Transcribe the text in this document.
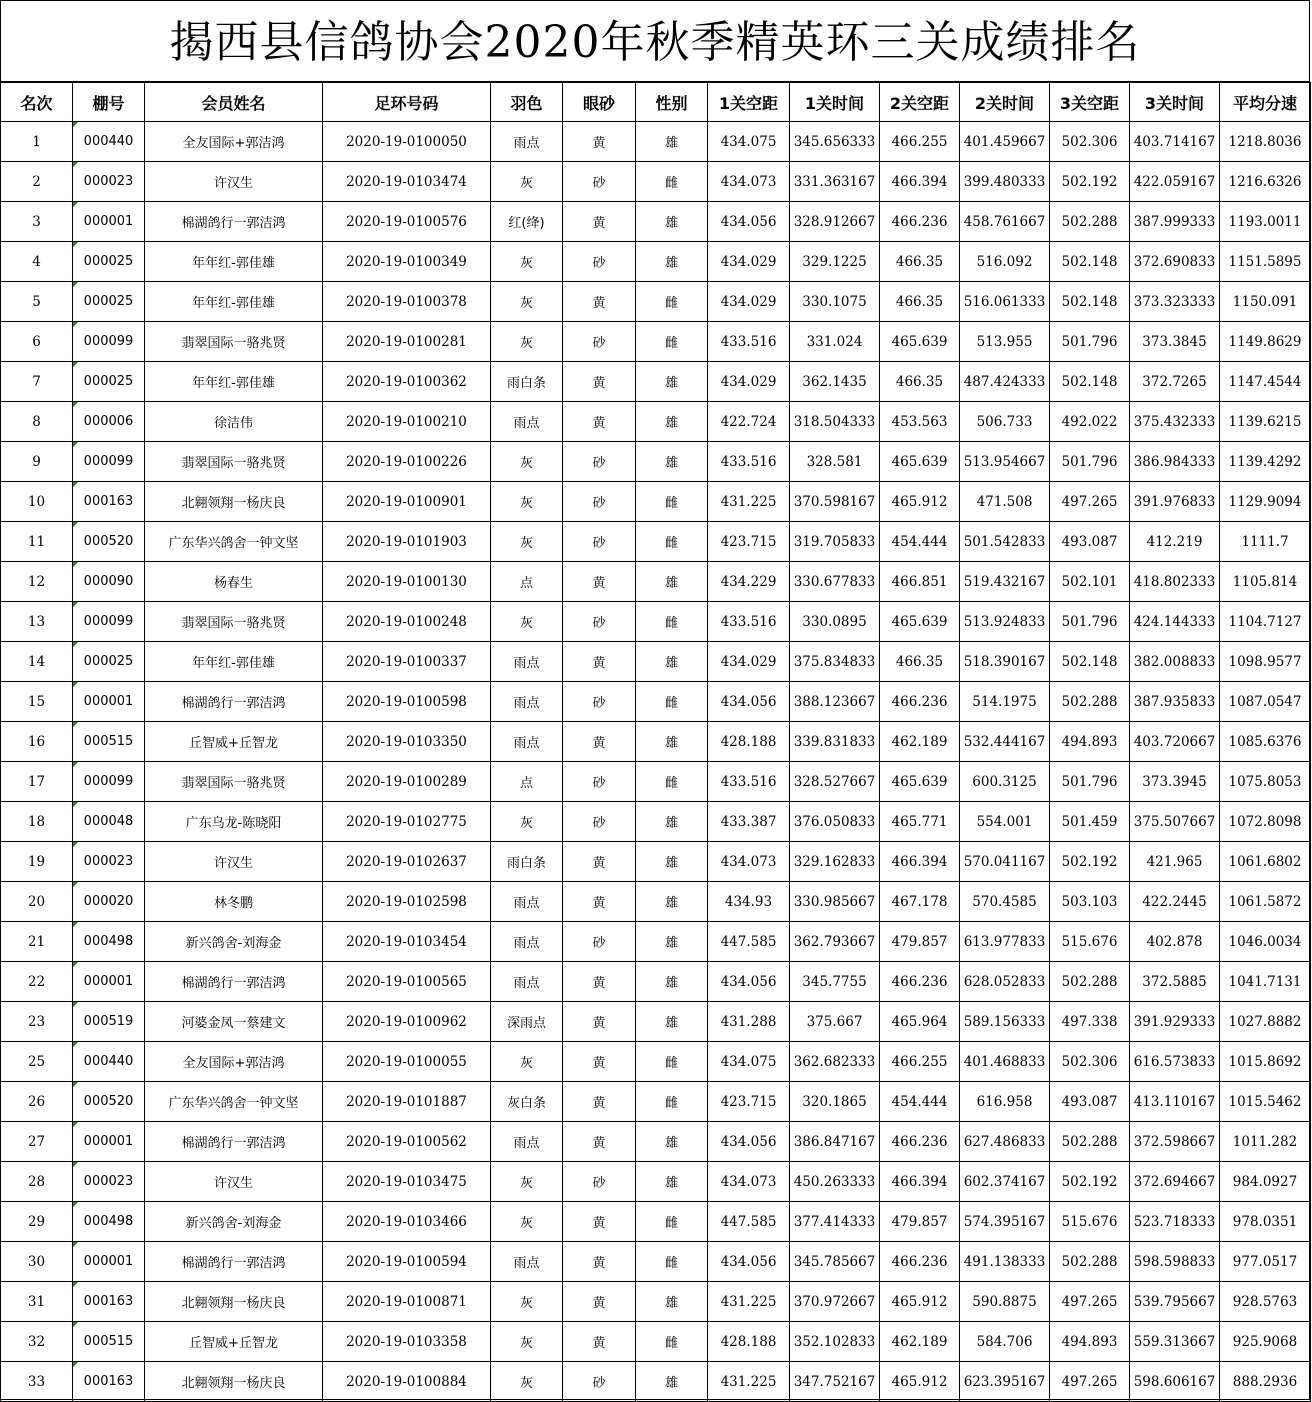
揭西县信鸽协会2020年秋季精英环三关成绩排名
名次	棚号	会员姓名	足环号码	羽色	眼砂	性别	1关空距	1关时间	2关空距	2关时间	3关空距	3关时间	平均分速
1	000440	全友国际+郭洁鸿	2020-19-0100050	雨点	黄	雄	434.075	345.656333	466.255	401.459667	502.306	403.714167	1218.8036
2	000023	许汉生	2020-19-0103474	灰	砂	雌	434.073	331.363167	466.394	399.480333	502.192	422.059167	1216.6326
3	000001	棉湖鸽行一郭洁鸿	2020-19-0100576	红(绛)	黄	雄	434.056	328.912667	466.236	458.761667	502.288	387.999333	1193.0011
4	000025	年年红-郭佳雄	2020-19-0100349	灰	砂	雄	434.029	329.1225	466.35	516.092	502.148	372.690833	1151.5895
5	000025	年年红-郭佳雄	2020-19-0100378	灰	黄	雌	434.029	330.1075	466.35	516.061333	502.148	373.323333	1150.091
6	000099	翡翠国际一骆兆贤	2020-19-0100281	灰	砂	雌	433.516	331.024	465.639	513.955	501.796	373.3845	1149.8629
7	000025	年年红-郭佳雄	2020-19-0100362	雨白条	黄	雄	434.029	362.1435	466.35	487.424333	502.148	372.7265	1147.4544
8	000006	徐洁伟	2020-19-0100210	雨点	黄	雄	422.724	318.504333	453.563	506.733	492.022	375.432333	1139.6215
9	000099	翡翠国际一骆兆贤	2020-19-0100226	灰	砂	雄	433.516	328.581	465.639	513.954667	501.796	386.984333	1139.4292
10	000163	北翱领翔一杨庆良	2020-19-0100901	灰	砂	雌	431.225	370.598167	465.912	471.508	497.265	391.976833	1129.9094
11	000520	广东华兴鸽舍一钟文坚	2020-19-0101903	灰	砂	雌	423.715	319.705833	454.444	501.542833	493.087	412.219	1111.7
12	000090	杨春生	2020-19-0100130	点	黄	雄	434.229	330.677833	466.851	519.432167	502.101	418.802333	1105.814
13	000099	翡翠国际一骆兆贤	2020-19-0100248	灰	砂	雌	433.516	330.0895	465.639	513.924833	501.796	424.144333	1104.7127
14	000025	年年红-郭佳雄	2020-19-0100337	雨点	黄	雄	434.029	375.834833	466.35	518.390167	502.148	382.008833	1098.9577
15	000001	棉湖鸽行一郭洁鸿	2020-19-0100598	雨点	砂	雌	434.056	388.123667	466.236	514.1975	502.288	387.935833	1087.0547
16	000515	丘智威+丘智龙	2020-19-0103350	雨点	黄	雄	428.188	339.831833	462.189	532.444167	494.893	403.720667	1085.6376
17	000099	翡翠国际一骆兆贤	2020-19-0100289	点	砂	雌	433.516	328.527667	465.639	600.3125	501.796	373.3945	1075.8053
18	000048	广东乌龙-陈晓阳	2020-19-0102775	灰	砂	雄	433.387	376.050833	465.771	554.001	501.459	375.507667	1072.8098
19	000023	许汉生	2020-19-0102637	雨白条	黄	雄	434.073	329.162833	466.394	570.041167	502.192	421.965	1061.6802
20	000020	林冬鹏	2020-19-0102598	雨点	黄	雄	434.93	330.985667	467.178	570.4585	503.103	422.2445	1061.5872
21	000498	新兴鸽舍-刘海金	2020-19-0103454	雨点	砂	雄	447.585	362.793667	479.857	613.977833	515.676	402.878	1046.0034
22	000001	棉湖鸽行一郭洁鸿	2020-19-0100565	雨点	黄	雄	434.056	345.7755	466.236	628.052833	502.288	372.5885	1041.7131
23	000519	河婆金凤一蔡建文	2020-19-0100962	深雨点	黄	雄	431.288	375.667	465.964	589.156333	497.338	391.929333	1027.8882
25	000440	全友国际+郭洁鸿	2020-19-0100055	灰	黄	雌	434.075	362.682333	466.255	401.468833	502.306	616.573833	1015.8692
26	000520	广东华兴鸽舍一钟文坚	2020-19-0101887	灰白条	黄	雌	423.715	320.1865	454.444	616.958	493.087	413.110167	1015.5462
27	000001	棉湖鸽行一郭洁鸿	2020-19-0100562	雨点	黄	雄	434.056	386.847167	466.236	627.486833	502.288	372.598667	1011.282
28	000023	许汉生	2020-19-0103475	灰	砂	雄	434.073	450.263333	466.394	602.374167	502.192	372.694667	984.0927
29	000498	新兴鸽舍-刘海金	2020-19-0103466	灰	黄	雌	447.585	377.414333	479.857	574.395167	515.676	523.718333	978.0351
30	000001	棉湖鸽行一郭洁鸿	2020-19-0100594	雨点	黄	雌	434.056	345.785667	466.236	491.138333	502.288	598.598833	977.0517
31	000163	北翱领翔一杨庆良	2020-19-0100871	灰	黄	雄	431.225	370.972667	465.912	590.8875	497.265	539.795667	928.5763
32	000515	丘智威+丘智龙	2020-19-0103358	灰	黄	雌	428.188	352.102833	462.189	584.706	494.893	559.313667	925.9068
33	000163	北翱领翔一杨庆良	2020-19-0100884	灰	砂	雄	431.225	347.752167	465.912	623.395167	497.265	598.606167	888.2936
